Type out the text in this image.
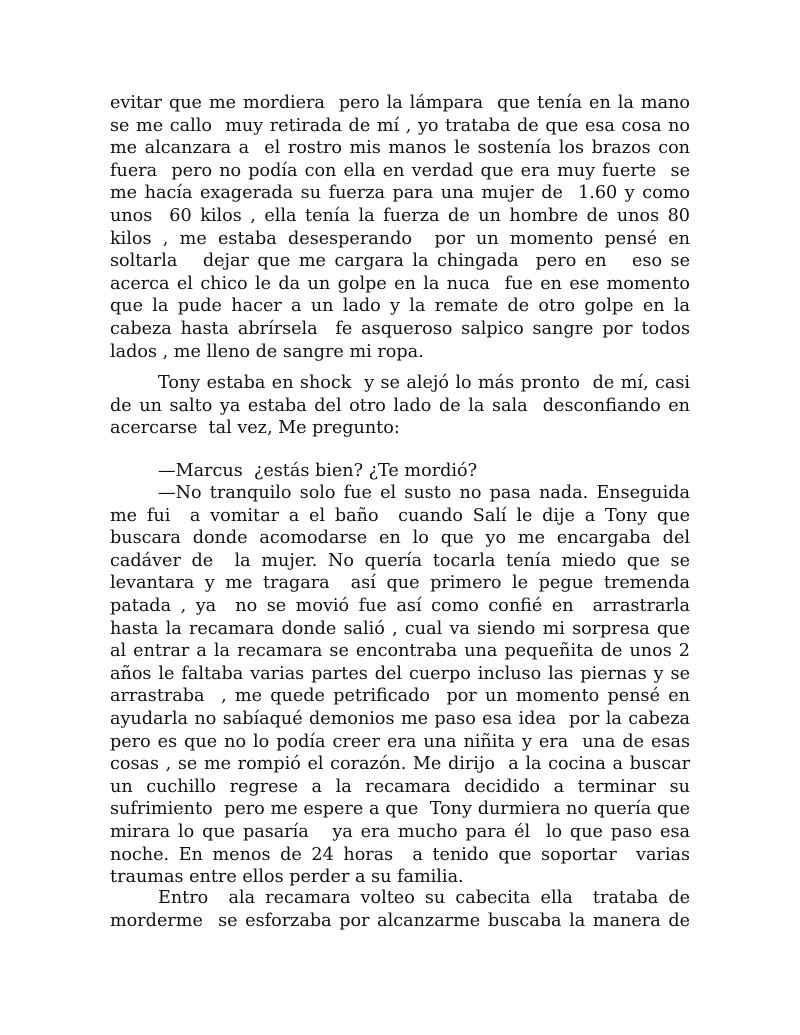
evitar que me mordiera  pero la lámpara  que tenía en la mano
se me callo  muy retirada de mí , yo trataba de que esa cosa no
me alcanzara a  el rostro mis manos le sostenía los brazos con
fuera  pero no podía con ella en verdad que era muy fuerte  se
me hacía exagerada su fuerza para una mujer de  1.60 y como
unos  60 kilos , ella tenía la fuerza de un hombre de unos 80
kilos , me estaba desesperando  por un momento pensé en
soltarla   dejar que me cargara la chingada  pero en   eso se
acerca el chico le da un golpe en la nuca  fue en ese momento
que la pude hacer a un lado y la remate de otro golpe en la
cabeza hasta abrírsela  fe asqueroso salpico sangre por todos
lados , me lleno de sangre mi ropa.
Tony estaba en shock  y se alejó lo más pronto  de mí, casi
de un salto ya estaba del otro lado de la sala  desconfiando en
acercarse  tal vez, Me pregunto:
—Marcus  ¿estás bien? ¿Te mordió?
—No tranquilo solo fue el susto no pasa nada. Enseguida
me fui  a vomitar a el baño  cuando Salí le dije a Tony que
buscara donde acomodarse en lo que yo me encargaba del
cadáver de  la mujer. No quería tocarla tenía miedo que se
levantara y me tragara  así que primero le pegue tremenda
patada , ya  no se movió fue así como confié en  arrastrarla
hasta la recamara donde salió , cual va siendo mi sorpresa que
al entrar a la recamara se encontraba una pequeñita de unos 2
años le faltaba varias partes del cuerpo incluso las piernas y se
arrastraba  , me quede petrificado  por un momento pensé en
ayudarla no sabíaqué demonios me paso esa idea  por la cabeza
pero es que no lo podía creer era una niñita y era  una de esas
cosas , se me rompió el corazón. Me dirijo  a la cocina a buscar
un cuchillo regrese a la recamara decidido a terminar su
sufrimiento  pero me espere a que  Tony durmiera no quería que
mirara lo que pasaría   ya era mucho para él  lo que paso esa
noche. En menos de 24 horas  a tenido que soportar  varias
traumas entre ellos perder a su familia.
Entro  ala recamara volteo su cabecita ella  trataba de
morderme  se esforzaba por alcanzarme buscaba la manera de
